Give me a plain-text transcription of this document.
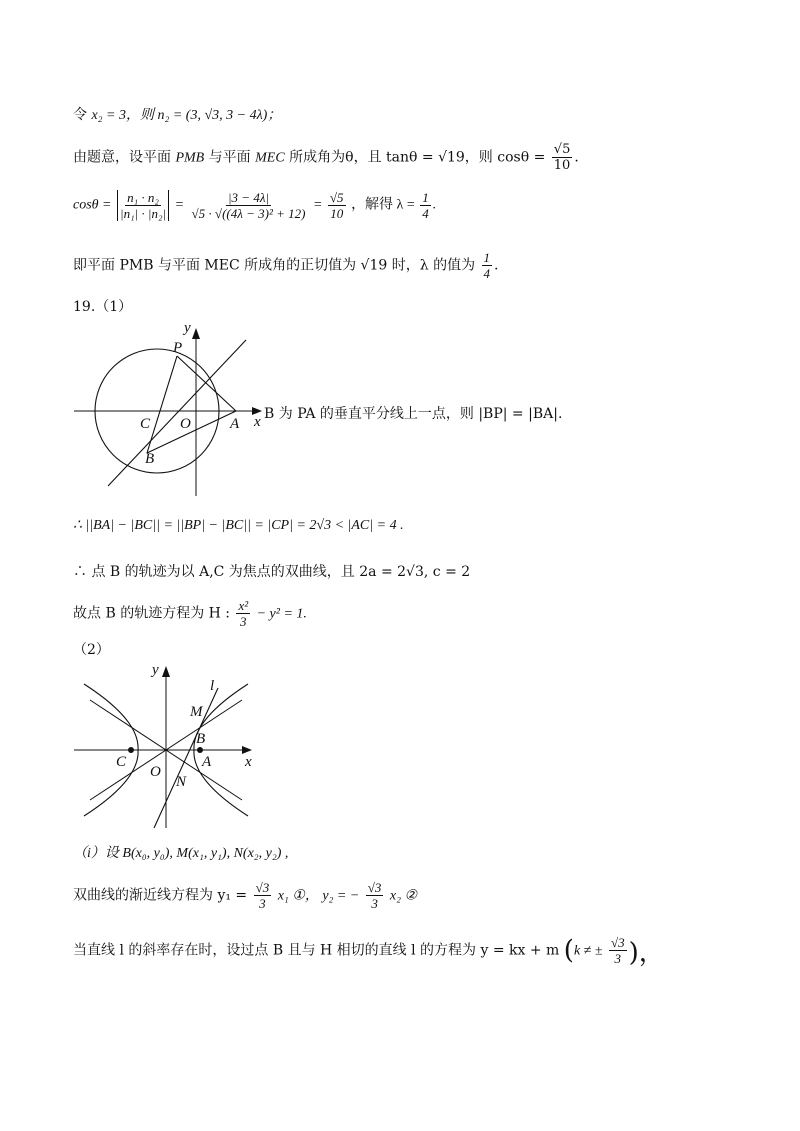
令 x₂ = 3，则 n₂ = (3, √3, 3 − 4λ)；
由题意，设平面 PMB 与平面 MEC 所成角为θ，且 tanθ = √19，则 $\cos\theta = \frac{√5}{10}$ .
$\cos\theta = \frac{\text{n₁ · n₂}}{\text{|n₁| · |n₂|}} = \frac{|3 - 4\lambda|}{\text{√5 · √((4λ − 3)² + 12)}} = \frac{√5}{10}$ ，解得 $\lambda = \frac{1}{4}$ .
即平面 PMB 与平面 MEC 所成角的正切值为 √19 时，λ 的值为 $\frac{1}{4}$ .
19.（1）
y
x
P
C O	A
B
B 为 PA 的垂直平分线上一点，则 |BP| = |BA|.
∴ ||BA| − |BC|| = ||BP| − |BC|| = |CP| = 2√3 < |AC| = 4 .
∴ 点 B 的轨迹为以 A,C 为焦点的双曲线，且 2a = 2√3, c = 2
故点 B 的轨迹方程为 H : $\frac{\text{x²}}{3} - y^2 = 1$.
（2）
y
x
l
M
B
C
O
A
N
（i）设 B(x₀, y₀), M(x₁, y₁), N(x₂, y₂) ,
双曲线的渐近线方程为 $y_1 = \frac{√3}{3} x_1$ ①， y₂ = − $\frac{√3}{3} x_2$ ②
当直线 l 的斜率存在时，设过点 B 且与 H 相切的直线 l 的方程为 y = kx + m (k ≠ ± $\frac{√3}{3}$ )，
